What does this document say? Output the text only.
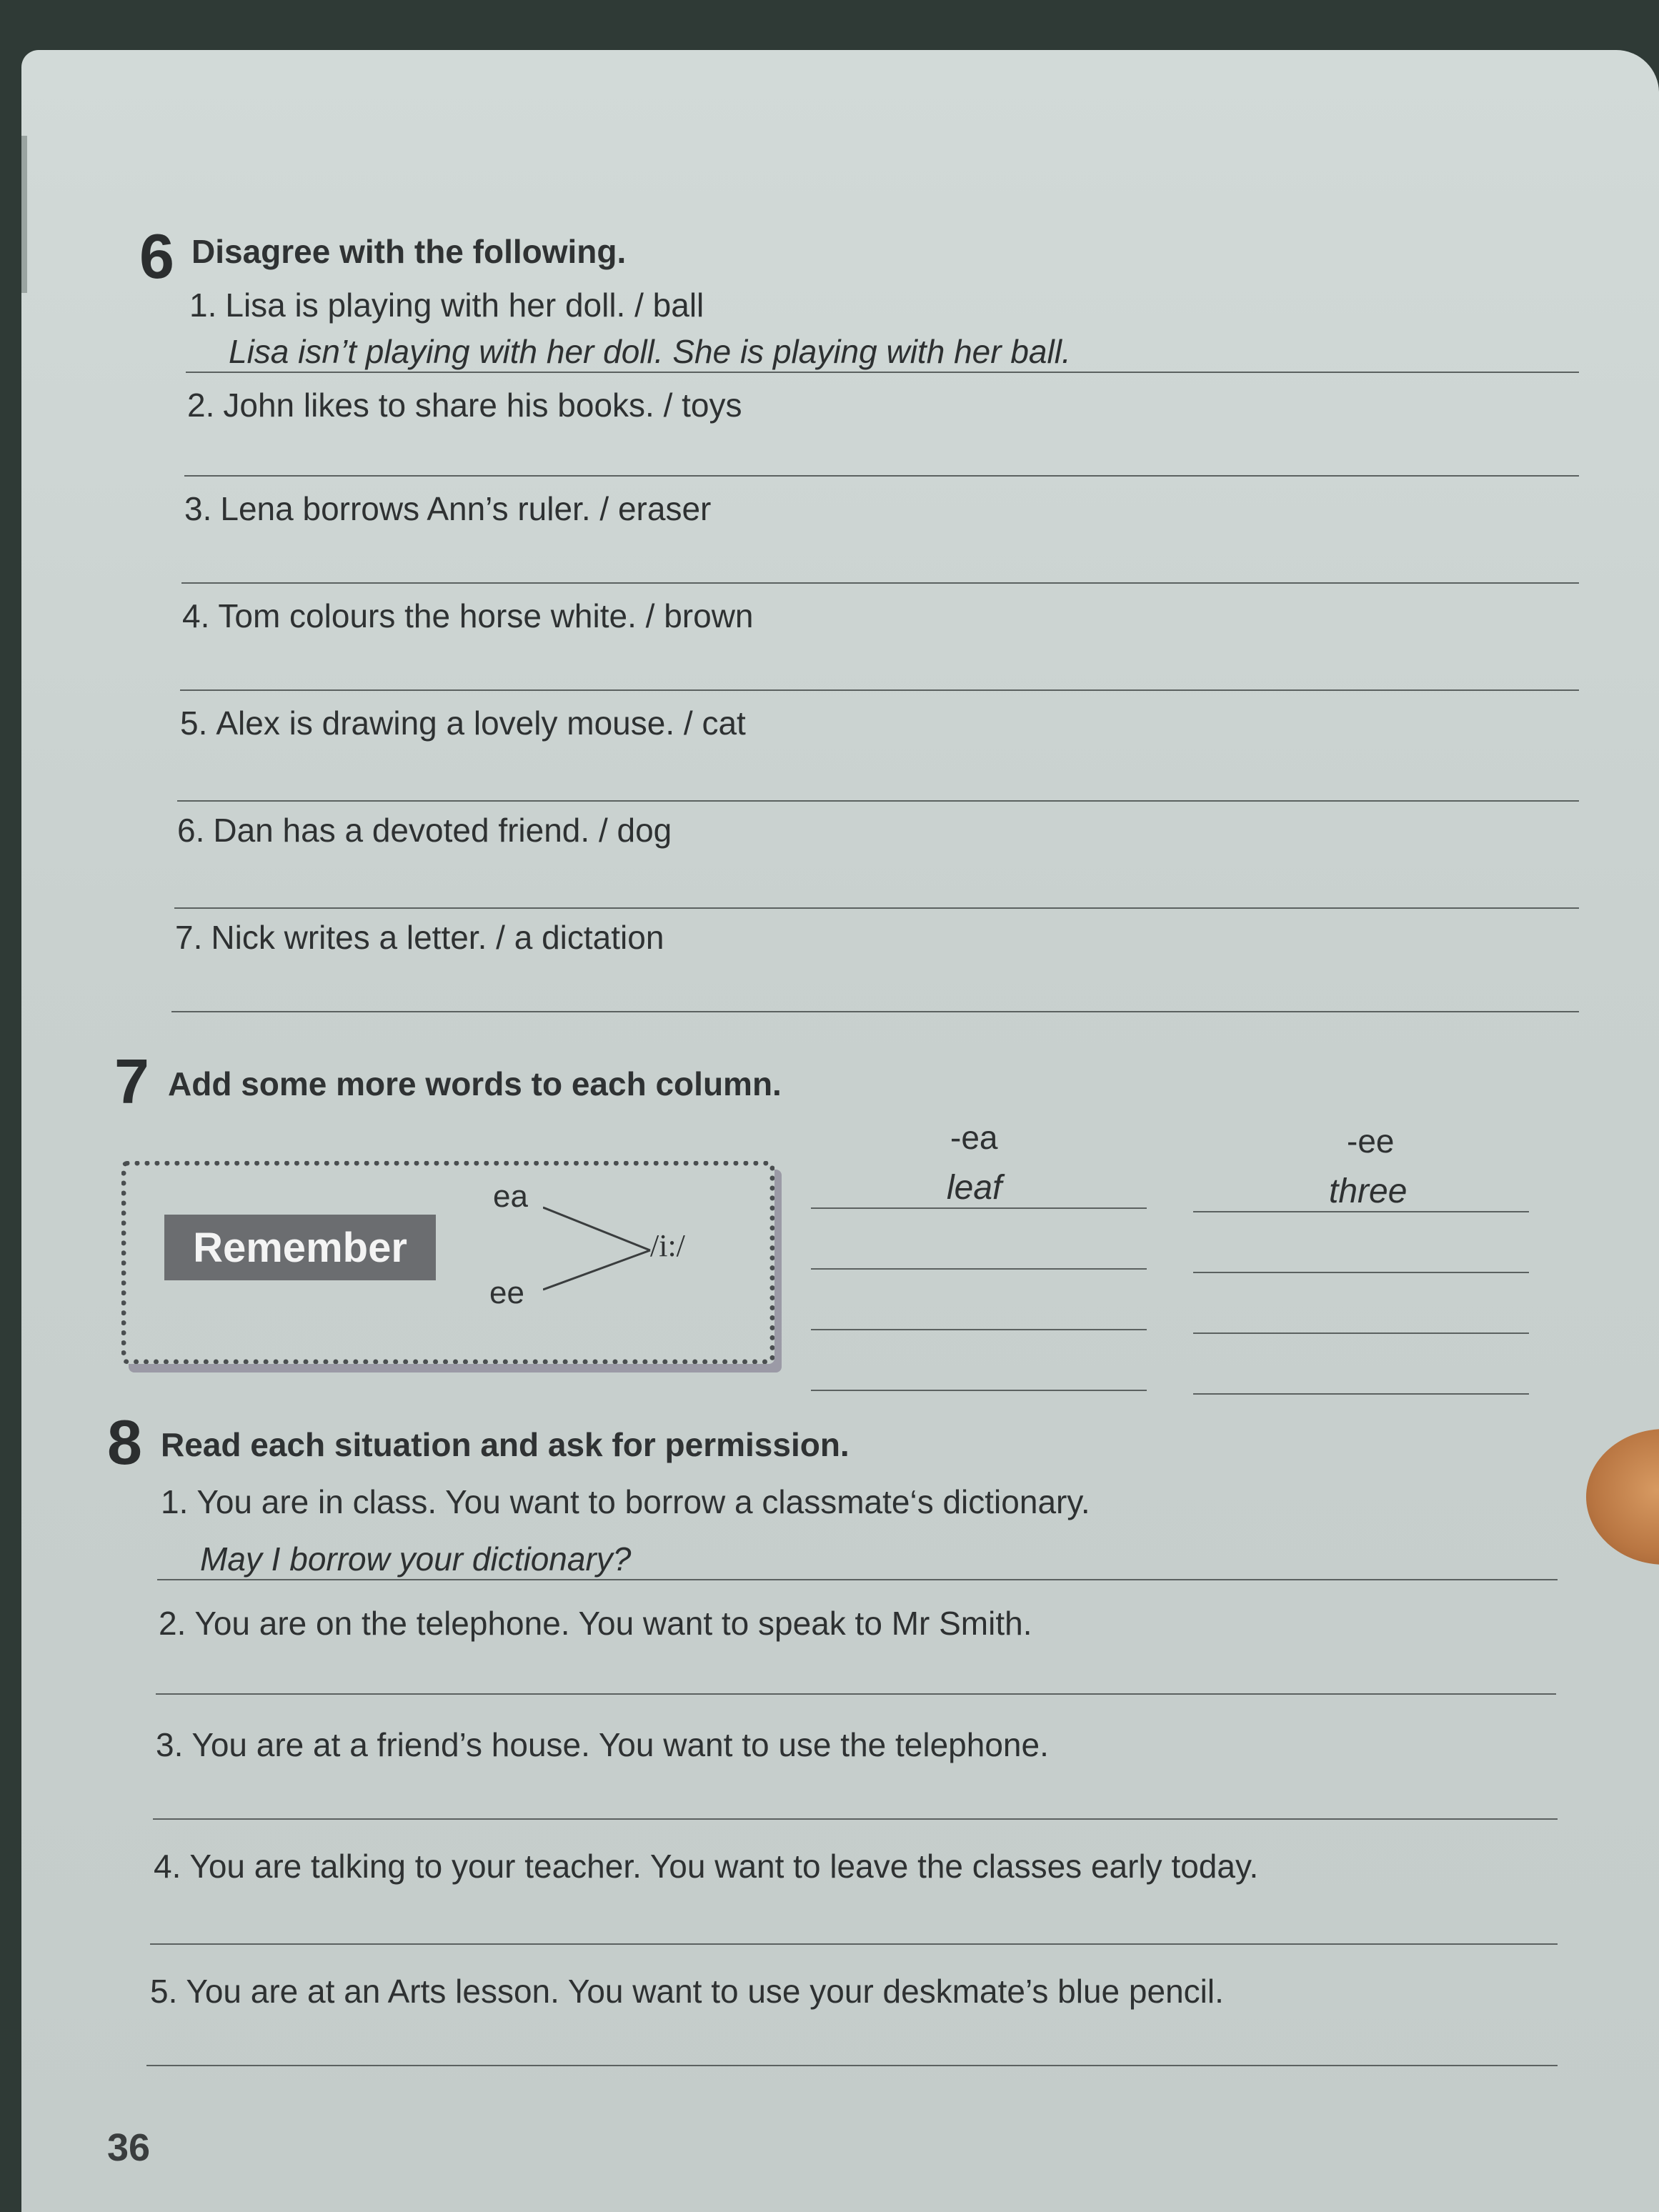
6 Disagree with the following.
1. Lisa is playing with her doll. / ball
Lisa isn’t playing with her doll. She is playing with her ball.
2. John likes to share his books. / toys
3. Lena borrows Ann’s ruler. / eraser
4. Tom colours the horse white. / brown
5. Alex is drawing a lovely mouse. / cat
6. Dan has a devoted friend. / dog
7. Nick writes a letter. / a dictation
7 Add some more words to each column.
Remember
ea
ee
/i:/
-ea	-ee
leaf	three
8 Read each situation and ask for permission.
1. You are in class. You want to borrow a classmate‘s dictionary.
May I borrow your dictionary?
2. You are on the telephone. You want to speak to Mr Smith.
3. You are at a friend’s house. You want to use the telephone.
4. You are talking to your teacher. You want to leave the classes early today.
5. You are at an Arts lesson. You want to use your deskmate’s blue pencil.
36
